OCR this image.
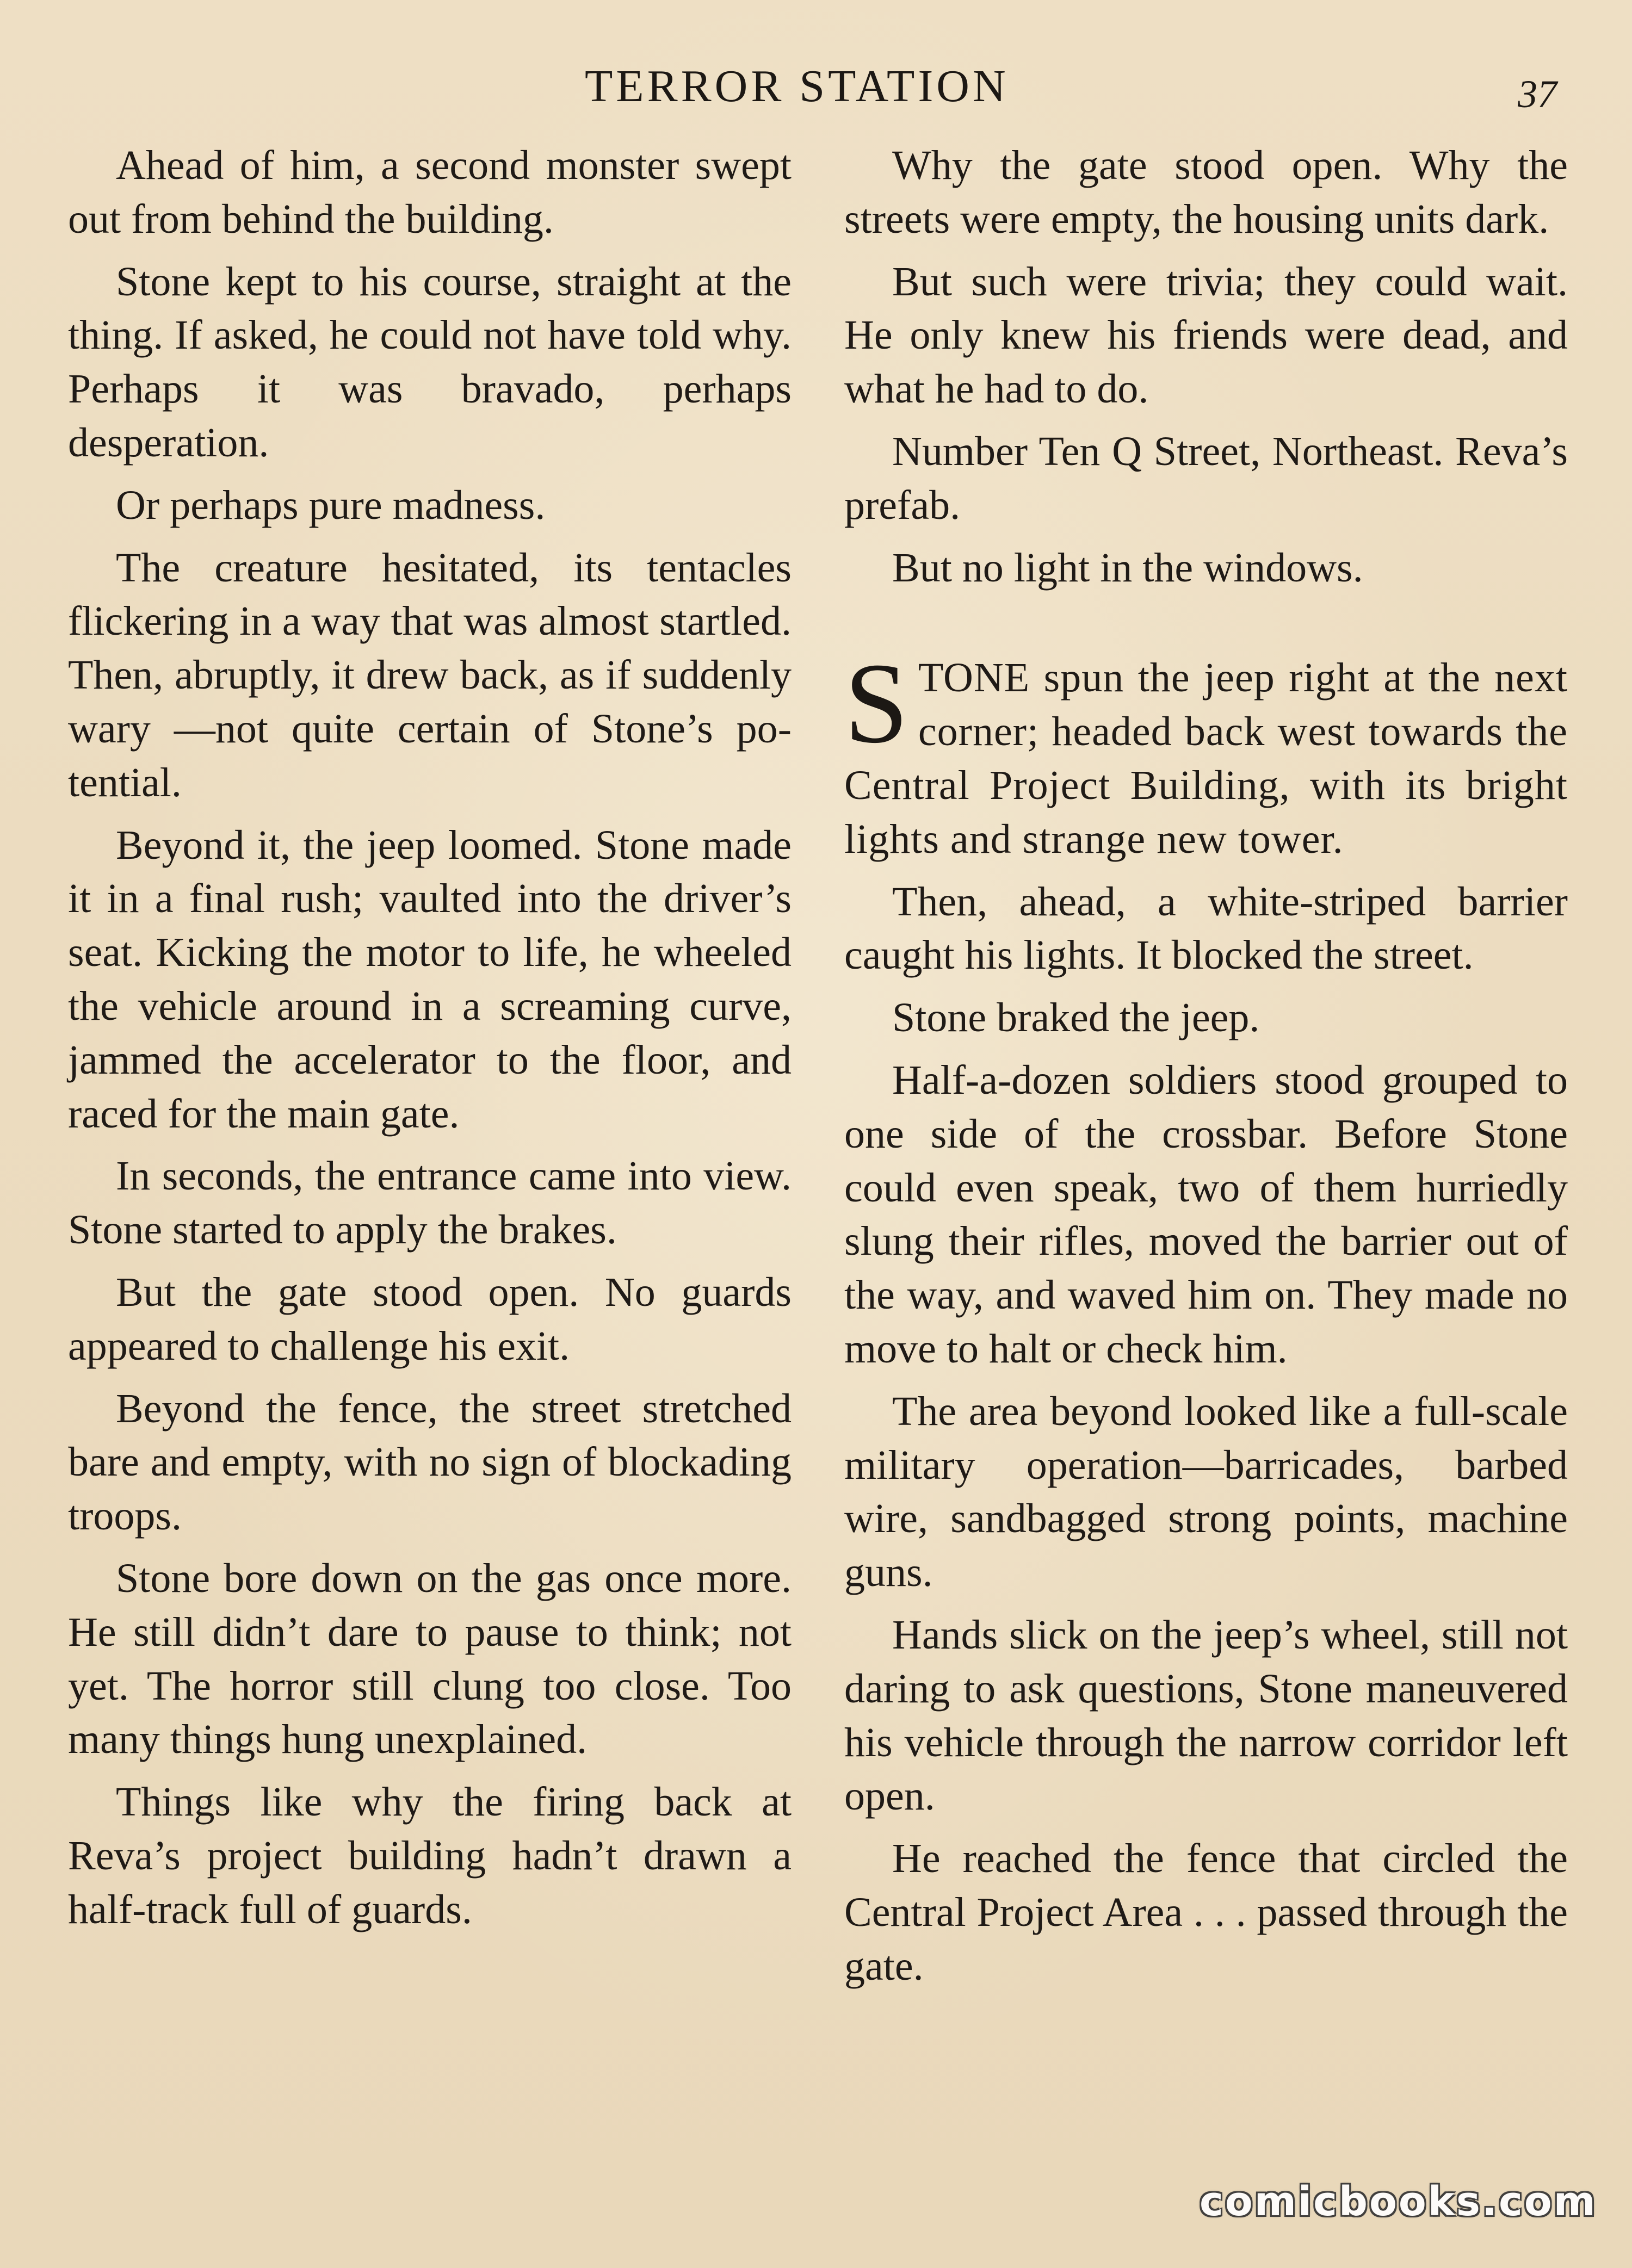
TERROR STATION	37

Ahead of him, a second monster swept out from behind the building.

Stone kept to his course, straight at the thing. If asked, he could not have told why. Perhaps it was bravado, perhaps desperation.

Or perhaps pure madness.

The creature hesitated, its tentacles flickering in a way that was almost startled. Then, abruptly, it drew back, as if suddenly wary —not quite certain of Stone’s potential.

Beyond it, the jeep loomed. Stone made it in a final rush; vaulted into the driver’s seat. Kicking the motor to life, he wheeled the vehicle around in a screaming curve, jammed the accelerator to the floor, and raced for the main gate.

In seconds, the entrance came into view. Stone started to apply the brakes.

But the gate stood open. No guards appeared to challenge his exit.

Beyond the fence, the street stretched bare and empty, with no sign of blockading troops.

Stone bore down on the gas once more. He still didn’t dare to pause to think; not yet. The horror still clung too close. Too many things hung unexplained.

Things like why the firing back at Reva’s project building hadn’t drawn a half-track full of guards.

Why the gate stood open. Why the streets were empty, the housing units dark.

But such were trivia; they could wait. He only knew his friends were dead, and what he had to do.

Number Ten Q Street, Northeast. Reva’s prefab.

But no light in the windows.

STONE spun the jeep right at the next corner; headed back west towards the Central Project Building, with its bright lights and strange new tower.

Then, ahead, a white-striped barrier caught his lights. It blocked the street.

Stone braked the jeep.

Half-a-dozen soldiers stood grouped to one side of the crossbar. Before Stone could even speak, two of them hurriedly slung their rifles, moved the barrier out of the way, and waved him on. They made no move to halt or check him.

The area beyond looked like a full-scale military operation—barricades, barbed wire, sandbagged strong points, machine guns.

Hands slick on the jeep’s wheel, still not daring to ask questions, Stone maneuvered his vehicle through the narrow corridor left open.

He reached the fence that circled the Central Project Area . . . passed through the gate.

comicbooks.com
